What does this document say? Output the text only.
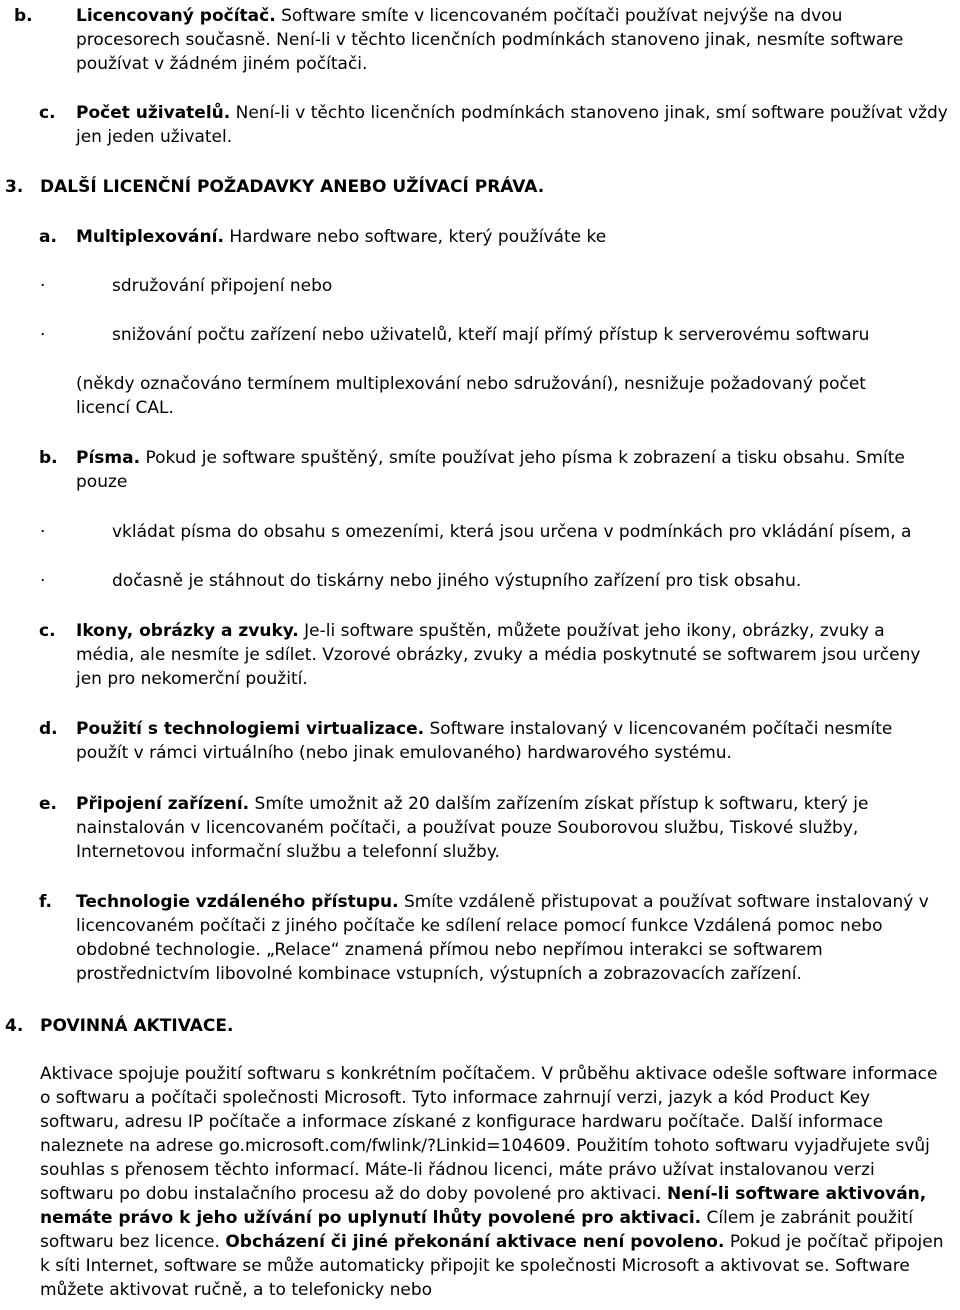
b.	Licencovaný počítač. Software smíte v licencovaném počítači používat nejvýše na dvou procesorech současně. Není-li v těchto licenčních podmínkách stanoveno jinak, nesmíte software používat v žádném jiném počítači.
c. Počet uživatelů. Není-li v těchto licenčních podmínkách stanoveno jinak, smí software používat vždy jen jeden uživatel.
3. DALŠÍ LICENČNÍ POŽADAVKY ANEBO UŽÍVACÍ PRÁVA.
a. Multiplexování. Hardware nebo software, který používáte ke
·	sdružování připojení nebo
·	snižování počtu zařízení nebo uživatelů, kteří mají přímý přístup k serverovému softwaru
(někdy označováno termínem multiplexování nebo sdružování), nesnižuje požadovaný počet licencí CAL.
b. Písma. Pokud je software spuštěný, smíte používat jeho písma k zobrazení a tisku obsahu. Smíte pouze
·	vkládat písma do obsahu s omezeními, která jsou určena v podmínkách pro vkládání písem, a
·	dočasně je stáhnout do tiskárny nebo jiného výstupního zařízení pro tisk obsahu.
c. Ikony, obrázky a zvuky. Je-li software spuštěn, můžete používat jeho ikony, obrázky, zvuky a média, ale nesmíte je sdílet. Vzorové obrázky, zvuky a média poskytnuté se softwarem jsou určeny jen pro nekomerční použití.
d. Použití s technologiemi virtualizace. Software instalovaný v licencovaném počítači nesmíte použít v rámci virtuálního (nebo jinak emulovaného) hardwarového systému.
e. Připojení zařízení. Smíte umožnit až 20 dalším zařízením získat přístup k softwaru, který je nainstalován v licencovaném počítači, a používat pouze Souborovou službu, Tiskové služby, Internetovou informační službu a telefonní služby.
f. Technologie vzdáleného přístupu. Smíte vzdáleně přistupovat a používat software instalovaný v licencovaném počítači z jiného počítače ke sdílení relace pomocí funkce Vzdálená pomoc nebo obdobné technologie. „Relace“ znamená přímou nebo nepřímou interakci se softwarem prostřednictvím libovolné kombinace vstupních, výstupních a zobrazovacích zařízení.
4. POVINNÁ AKTIVACE.
Aktivace spojuje použití softwaru s konkrétním počítačem. V průběhu aktivace odešle software informace o softwaru a počítači společnosti Microsoft. Tyto informace zahrnují verzi, jazyk a kód Product Key softwaru, adresu IP počítače a informace získané z konfigurace hardwaru počítače. Další informace naleznete na adrese go.microsoft.com/fwlink/?Linkid=104609. Použitím tohoto softwaru vyjadřujete svůj souhlas s přenosem těchto informací. Máte-li řádnou licenci, máte právo užívat instalovanou verzi softwaru po dobu instalačního procesu až do doby povolené pro aktivaci. Není-li software aktivován, nemáte právo k jeho užívání po uplynutí lhůty povolené pro aktivaci. Cílem je zabránit použití softwaru bez licence. Obcházení či jiné překonání aktivace není povoleno. Pokud je počítač připojen k síti Internet, software se může automaticky připojit ke společnosti Microsoft a aktivovat se. Software můžete aktivovat ručně, a to telefonicky nebo
